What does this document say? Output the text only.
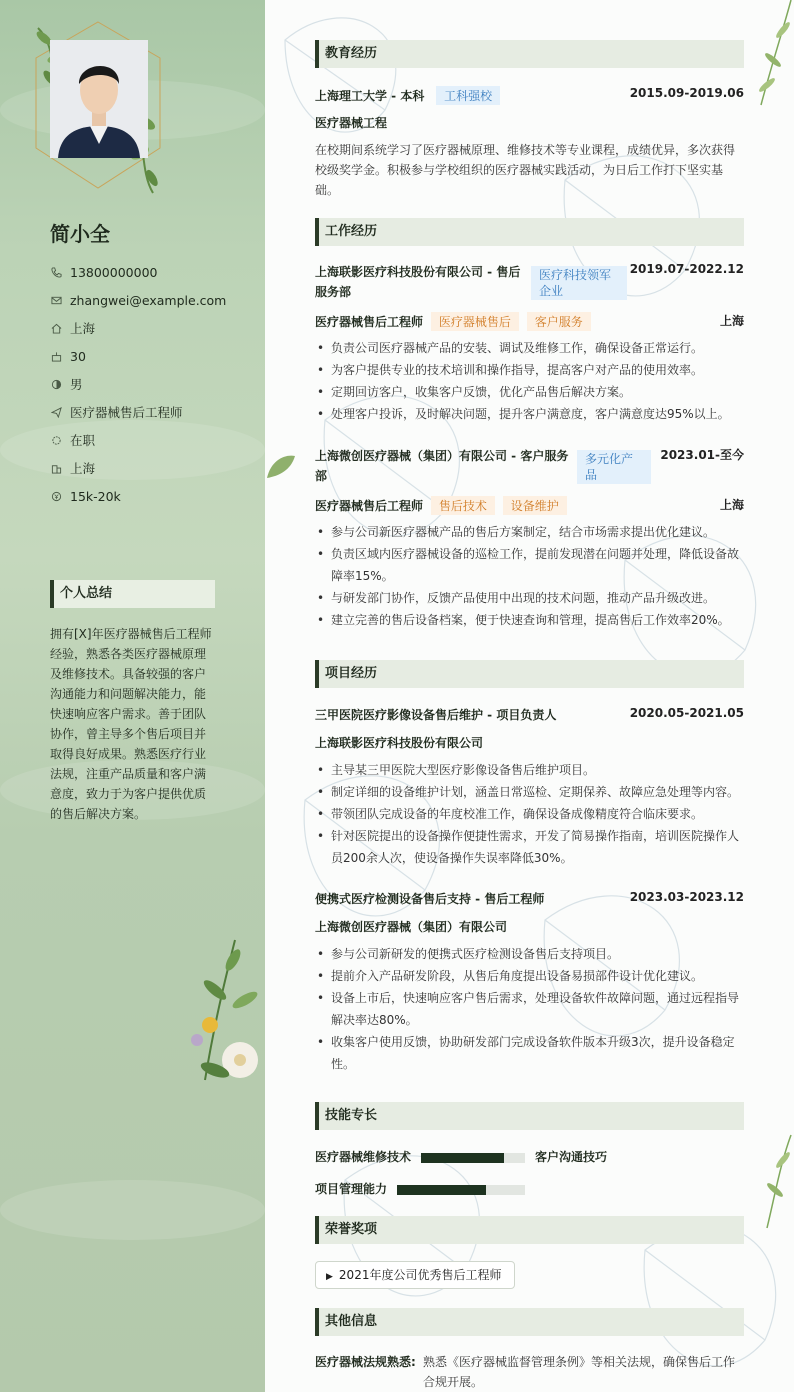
简小全
13800000000
zhangwei@example.com
上海
30
男
医疗器械售后工程师
在职
上海
15k-20k
个人总结
拥有[X]年医疗器械售后工程师经验，熟悉各类医疗器械原理及维修技术。具备较强的客户沟通能力和问题解决能力，能快速响应客户需求。善于团队协作，曾主导多个售后项目并取得良好成果。熟悉医疗行业法规，注重产品质量和客户满意度，致力于为客户提供优质的售后解决方案。
教育经历
上海理工大学 - 本科 工科强校	2015.09-2019.06
医疗器械工程
在校期间系统学习了医疗器械原理、维修技术等专业课程，成绩优异，多次获得校级奖学金。积极参与学校组织的医疗器械实践活动，为日后工作打下坚实基础。
工作经历
上海联影医疗科技股份有限公司 - 售后服务部
医疗科技领军企业
2019.07-2022.12
医疗器械售后工程师 医疗器械售后 客户服务	上海
• 负责公司医疗器械产品的安装、调试及维修工作，确保设备正常运行。
• 为客户提供专业的技术培训和操作指导，提高客户对产品的使用效率。
• 定期回访客户，收集客户反馈，优化产品售后解决方案。
• 处理客户投诉，及时解决问题，提升客户满意度，客户满意度达95%以上。
上海微创医疗器械（集团）有限公司 - 客户服务部
多元化产品
2023.01-至今
医疗器械售后工程师 售后技术 设备维护	上海
• 参与公司新医疗器械产品的售后方案制定，结合市场需求提出优化建议。
• 负责区域内医疗器械设备的巡检工作，提前发现潜在问题并处理，降低设备故障率15%。
• 与研发部门协作，反馈产品使用中出现的技术问题，推动产品升级改进。
• 建立完善的售后设备档案，便于快速查询和管理，提高售后工作效率20%。
项目经历
三甲医院医疗影像设备售后维护 - 项目负责人	2020.05-2021.05
上海联影医疗科技股份有限公司
• 主导某三甲医院大型医疗影像设备售后维护项目。
• 制定详细的设备维护计划，涵盖日常巡检、定期保养、故障应急处理等内容。
• 带领团队完成设备的年度校准工作，确保设备成像精度符合临床要求。
• 针对医院提出的设备操作便捷性需求，开发了简易操作指南，培训医院操作人员200余人次，使设备操作失误率降低30%。
便携式医疗检测设备售后支持 - 售后工程师	2023.03-2023.12
上海微创医疗器械（集团）有限公司
• 参与公司新研发的便携式医疗检测设备售后支持项目。
• 提前介入产品研发阶段，从售后角度提出设备易损部件设计优化建议。
• 设备上市后，快速响应客户售后需求，处理设备软件故障问题，通过远程指导解决率达80%。
• 收集客户使用反馈，协助研发部门完成设备软件版本升级3次，提升设备稳定性。
技能专长
医疗器械维修技术
	客户沟通技巧
项目管理能力
荣誉奖项
▶ 2021年度公司优秀售后工程师
其他信息
医疗器械法规熟悉: 熟悉《医疗器械监督管理条例》等相关法规，确保售后工作合规开展。
